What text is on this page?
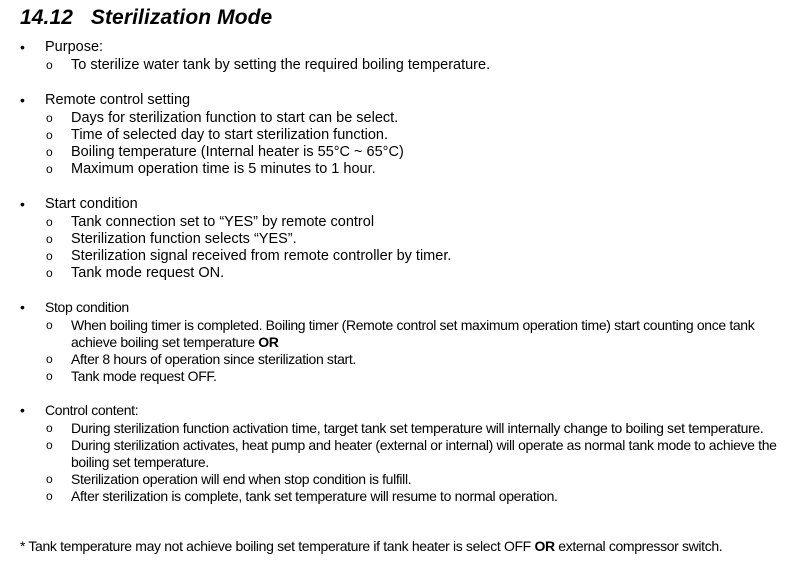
14.12   Sterilization Mode
•	Purpose:
o To sterilize water tank by setting the required boiling temperature.
•	Remote control setting
o Days for sterilization function to start can be select.
o Time of selected day to start sterilization function.
o Boiling temperature (Internal heater is 55°C ~ 65°C)
o Maximum operation time is 5 minutes to 1 hour.
•	Start condition
o Tank connection set to “YES” by remote control
o Sterilization function selects “YES”.
o Sterilization signal received from remote controller by timer.
o Tank mode request ON.
•	Stop condition
o When boiling timer is completed. Boiling timer (Remote control set maximum operation time) start counting once tank achieve boiling set temperature OR
o After 8 hours of operation since sterilization start.
o Tank mode request OFF.
•	Control content:
o During sterilization function activation time, target tank set temperature will internally change to boiling set temperature.
o During sterilization activates, heat pump and heater (external or internal) will operate as normal tank mode to achieve the boiling set temperature.
o Sterilization operation will end when stop condition is fulfill.
o After sterilization is complete, tank set temperature will resume to normal operation.
* Tank temperature may not achieve boiling set temperature if tank heater is select OFF OR external compressor switch.
